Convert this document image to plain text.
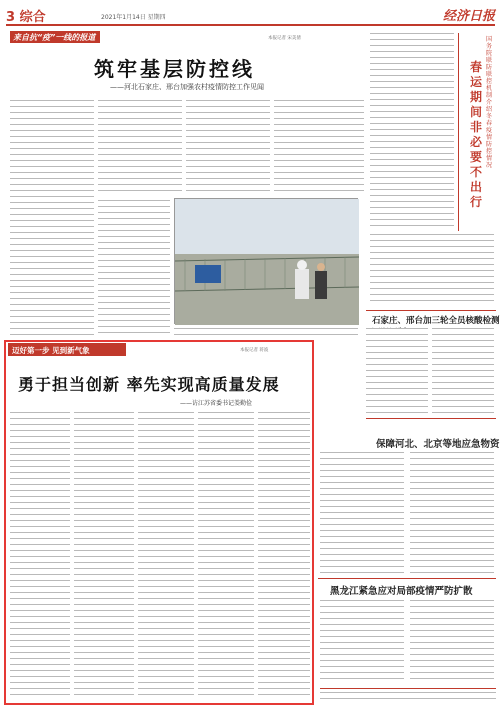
3 综合	2021年1月14日 星期四	经济日报
来自抗“疫”一线的报道	本报记者 宋美倩
筑牢基层防控线
——河北石家庄、邢台加强农村疫情防控工作见闻
国务院联防联控机制介绍冬春疫情防控情况
春运期间非必要不出行
石家庄、邢台加三轮全员核酸检测
保障河北、北京等地应急物资
黑龙江紧急应对局部疫情严防扩散
迈好第一步 见到新气象	本报记者 蒋波
勇于担当创新 率先实现高质量发展
——访江苏省委书记娄勤俭
